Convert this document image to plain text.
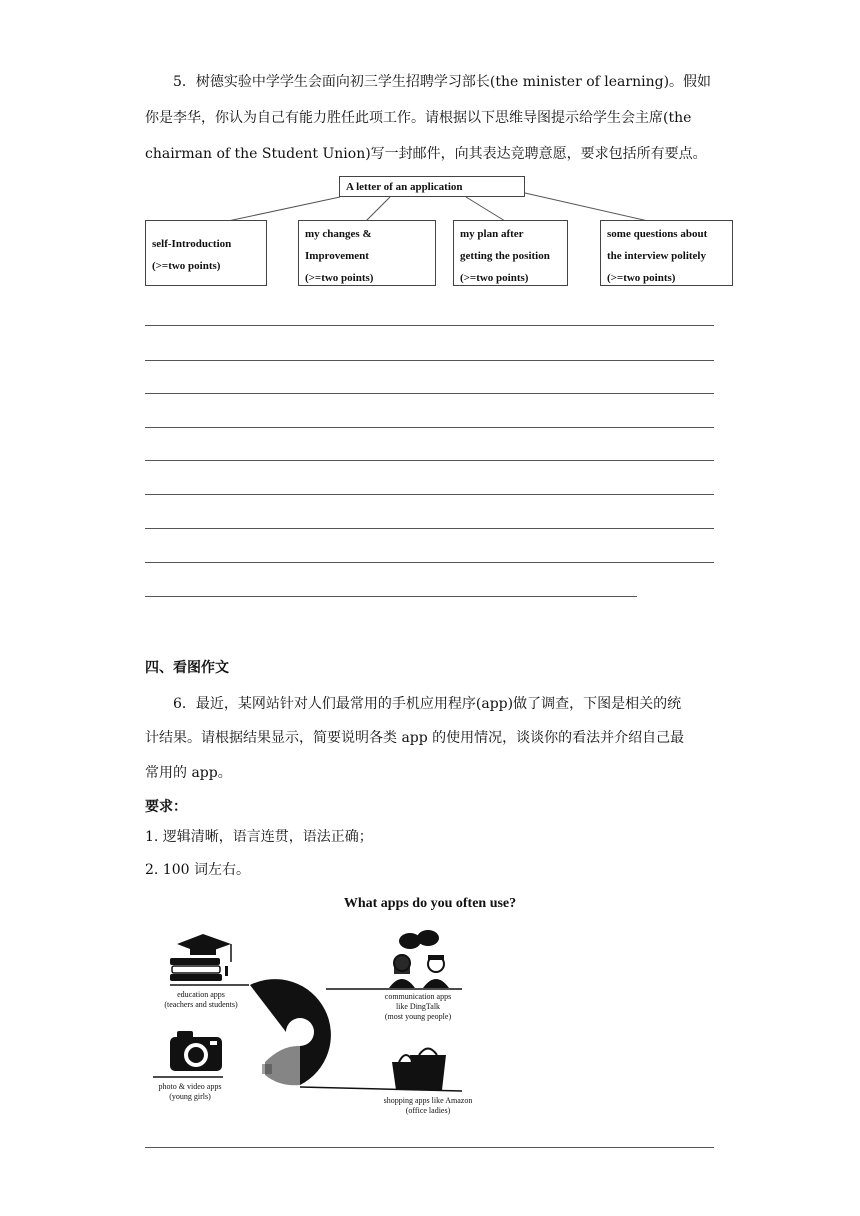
5．树德实验中学学生会面向初三学生招聘学习部长(the minister of learning)。假如

你是李华，你认为自己有能力胜任此项工作。请根据以下思维导图提示给学生会主席(the

chairman of the Student Union)写一封邮件，向其表达竞聘意愿，要求包括所有要点。

A letter of an application
self-Introduction
(>=two points)
my changes &
Improvement
(>=two points)
my plan after
getting the position
(>=two points)
some questions about
the interview politely
(>=two points)
四、看图作文

6．最近，某网站针对人们最常用的手机应用程序(app)做了调查，下图是相关的统

计结果。请根据结果显示，简要说明各类 app 的使用情况，谈谈你的看法并介绍自己最

常用的 app。

要求：
1. 逻辑清晰，语言连贯，语法正确；
2. 100 词左右。
What apps do you often use?
education apps
(teachers and students)
photo & video apps
(young girls)
communication apps
like DingTalk
(most young people)
shopping apps like Amazon
(office ladies)
